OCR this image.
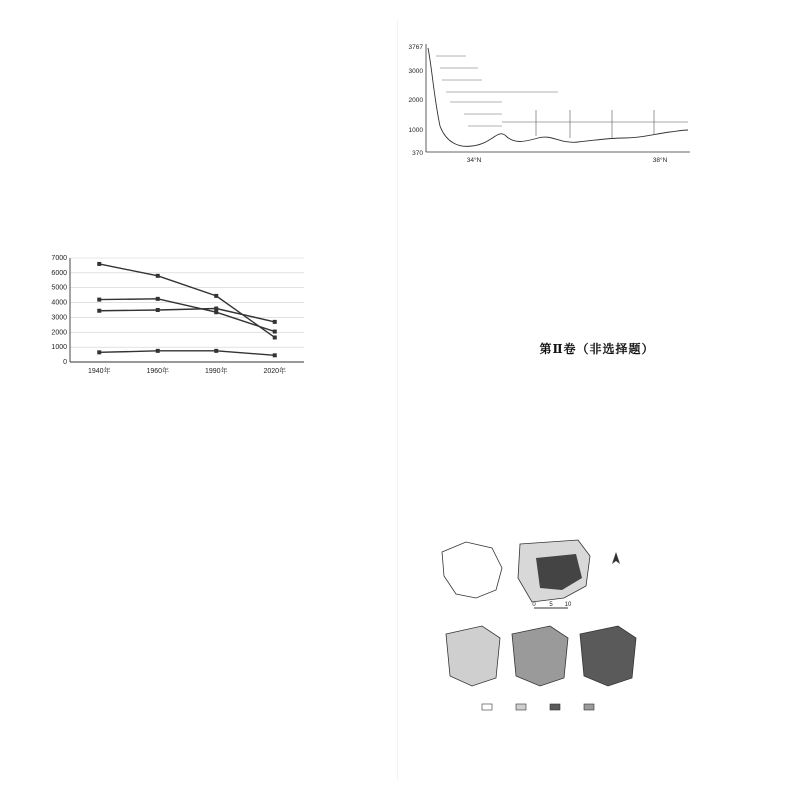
0
1000
2000
3000
4000
5000
6000
7000
1940年	1960年	1990年	2020年
3767
3000
2000
1000
370
34°N	38°N
0 5 10
第Ⅱ卷（非选择题）
